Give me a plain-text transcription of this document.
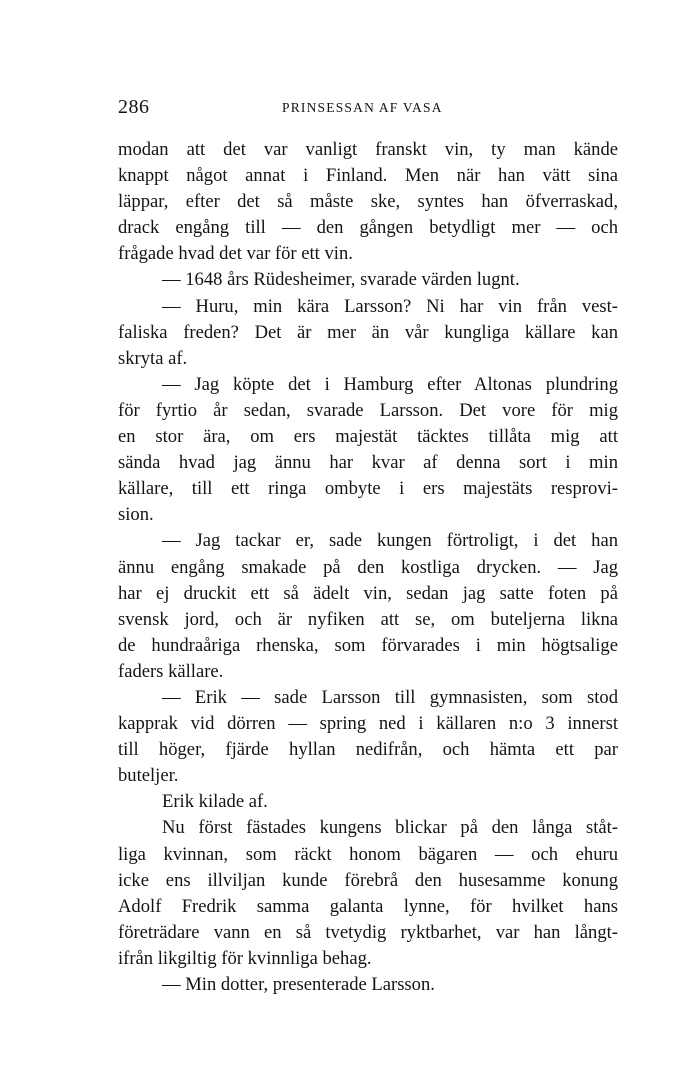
286	PRINSESSAN AF VASA
modan att det var vanligt franskt vin, ty man kände
knappt något annat i Finland. Men när han vätt sina
läppar, efter det så måste ske, syntes han öfverraskad,
drack engång till — den gången betydligt mer — och
frågade hvad det var för ett vin.
— 1648 års Rüdesheimer, svarade värden lugnt.
— Huru, min kära Larsson? Ni har vin från vest-
faliska freden? Det är mer än vår kungliga källare kan
skryta af.
— Jag köpte det i Hamburg efter Altonas plundring
för fyrtio år sedan, svarade Larsson. Det vore för mig
en stor ära, om ers majestät täcktes tillåta mig att
sända hvad jag ännu har kvar af denna sort i min
källare, till ett ringa ombyte i ers majestäts resprovi-
sion.
— Jag tackar er, sade kungen förtroligt, i det han
ännu engång smakade på den kostliga drycken. — Jag
har ej druckit ett så ädelt vin, sedan jag satte foten på
svensk jord, och är nyfiken att se, om buteljerna likna
de hundraåriga rhenska, som förvarades i min högtsalige
faders källare.
— Erik — sade Larsson till gymnasisten, som stod
kapprak vid dörren — spring ned i källaren n:o 3 innerst
till höger, fjärde hyllan nedifrån, och hämta ett par
buteljer.
Erik kilade af.
Nu först fästades kungens blickar på den långa ståt-
liga kvinnan, som räckt honom bägaren — och ehuru
icke ens illviljan kunde förebrå den husesamme konung
Adolf Fredrik samma galanta lynne, för hvilket hans
företrädare vann en så tvetydig ryktbarhet, var han långt-
ifrån likgiltig för kvinnliga behag.
— Min dotter, presenterade Larsson.
